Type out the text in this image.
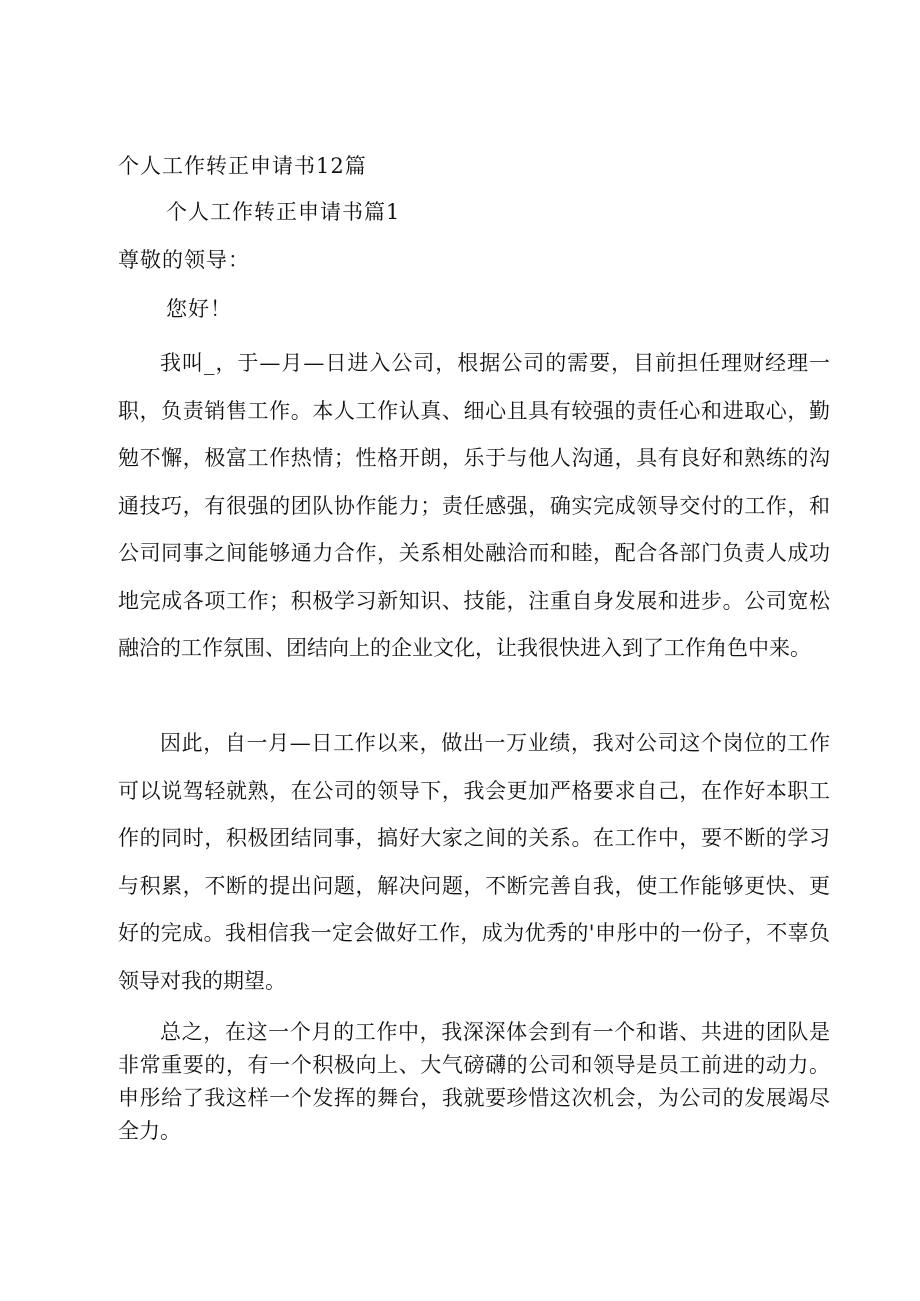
个人工作转正申请书12篇
个人工作转正申请书篇1
尊敬的领导：
您好！

我叫_，于—月—日进入公司，根据公司的需要，目前担任理财经理一职，负责销售工作。本人工作认真、细心且具有较强的责任心和进取心，勤勉不懈，极富工作热情；性格开朗，乐于与他人沟通，具有良好和熟练的沟通技巧，有很强的团队协作能力；责任感强，确实完成领导交付的工作，和公司同事之间能够通力合作，关系相处融洽而和睦，配合各部门负责人成功地完成各项工作；积极学习新知识、技能，注重自身发展和进步。公司宽松融洽的工作氛围、团结向上的企业文化，让我很快进入到了工作角色中来。

因此，自一月—日工作以来，做出一万业绩，我对公司这个岗位的工作可以说驾轻就熟，在公司的领导下，我会更加严格要求自己，在作好本职工作的同时，积极团结同事，搞好大家之间的关系。在工作中，要不断的学习与积累，不断的提出问题，解决问题，不断完善自我，使工作能够更快、更好的完成。我相信我一定会做好工作，成为优秀的'申彤中的一份子，不辜负领导对我的期望。

总之，在这一个月的工作中，我深深体会到有一个和谐、共进的团队是非常重要的，有一个积极向上、大气磅礴的公司和领导是员工前进的动力。申彤给了我这样一个发挥的舞台，我就要珍惜这次机会，为公司的发展竭尽全力。
